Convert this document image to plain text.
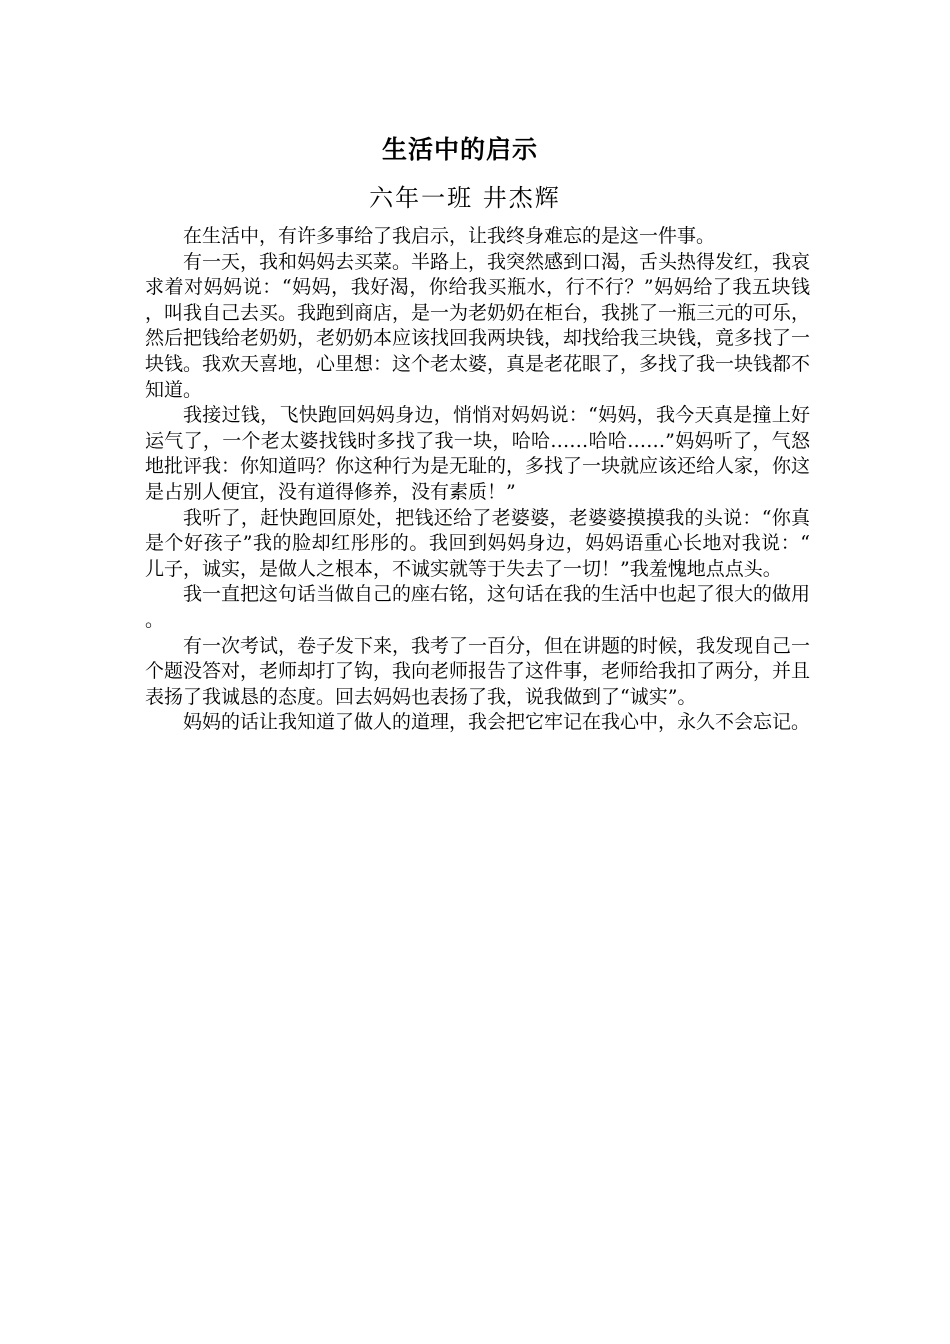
生活中的启示
六年一班 井杰辉

在生活中，有许多事给了我启示，让我终身难忘的是这一件事。

有一天，我和妈妈去买菜。半路上，我突然感到口渴，舌头热得发红，我哀求着对妈妈说：“妈妈，我好渴，你给我买瓶水，行不行？”妈妈给了我五块钱，叫我自己去买。我跑到商店，是一为老奶奶在柜台，我挑了一瓶三元的可乐，然后把钱给老奶奶，老奶奶本应该找回我两块钱，却找给我三块钱，竟多找了一块钱。我欢天喜地，心里想：这个老太婆，真是老花眼了，多找了我一块钱都不知道。

我接过钱，飞快跑回妈妈身边，悄悄对妈妈说：“妈妈，我今天真是撞上好运气了，一个老太婆找钱时多找了我一块，哈哈……哈哈……”妈妈听了，气怒地批评我：你知道吗？你这种行为是无耻的，多找了一块就应该还给人家，你这是占别人便宜，没有道得修养，没有素质！”

我听了，赶快跑回原处，把钱还给了老婆婆，老婆婆摸摸我的头说：“你真是个好孩子”我的脸却红彤彤的。我回到妈妈身边，妈妈语重心长地对我说：“儿子，诚实，是做人之根本，不诚实就等于失去了一切！”我羞愧地点点头。

我一直把这句话当做自己的座右铭，这句话在我的生活中也起了很大的做用。

有一次考试，卷子发下来，我考了一百分，但在讲题的时候，我发现自己一个题没答对，老师却打了钩，我向老师报告了这件事，老师给我扣了两分，并且表扬了我诚恳的态度。回去妈妈也表扬了我，说我做到了“诚实”。

妈妈的话让我知道了做人的道理，我会把它牢记在我心中，永久不会忘记。
